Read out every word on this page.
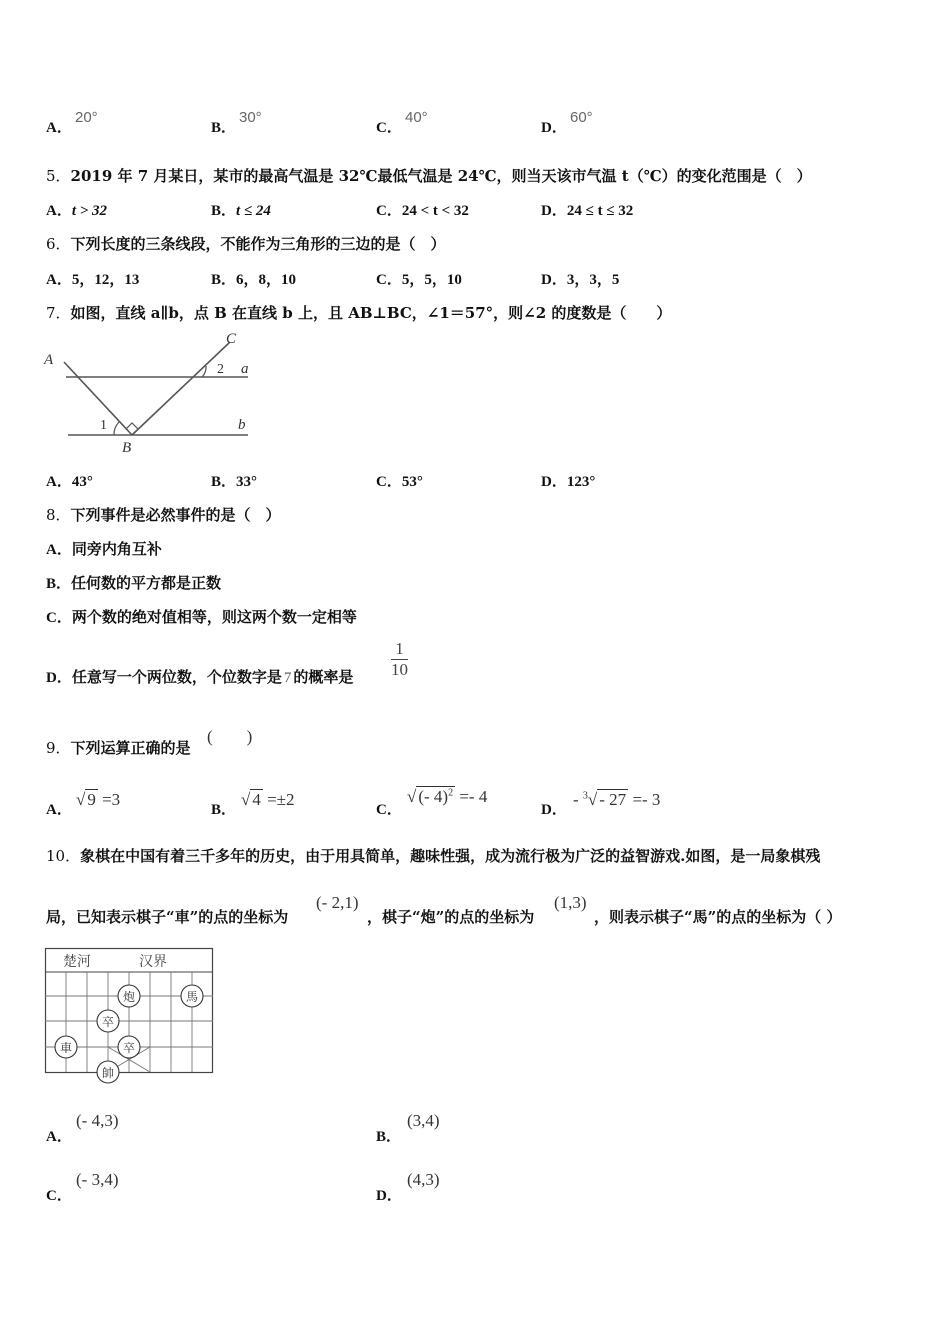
A．
20°
B．
30°
C．
40°
D．
60°
5．2019 年 7 月某日，某市的最高气温是 32℃最低气温是 24℃，则当天该市气温 t（℃）的变化范围是（　）
A．t > 32	B．t ≤ 24	C．24 < t < 32	D．24 ≤ t ≤ 32
6．下列长度的三条线段，不能作为三角形的三边的是（　）
A．5，12，13	B．6，8，10	C．5，5，10	D．3，3，5
7．如图，直线 a∥b，点 B 在直线 b 上，且 AB⊥BC，∠1＝57°，则∠2 的度数是（　　）
A
C
a
b
B
1
2
A．43°	B．33°	C．53°	D．123°
8．下列事件是必然事件的是（　）
A．同旁内角互补
B．任何数的平方都是正数
C．两个数的绝对值相等，则这两个数一定相等
D．任意写一个两位数，个位数字是 7 的概率是 $\frac{1}{10}$
9．下列运算正确的是
(　　)
A．
√ 9 =3
B．
√ 4 =±2
C．
√ (- 4)$^2$ =- 4
D．
- $^3$√ - 27 =- 3
10．象棋在中国有着三千多年的历史，由于用具简单，趣味性强，成为流行极为广泛的益智游戏.如图，是一局象棋残
局，已知表示棋子“車”的点的坐标为
(- 2,1)
，棋子“炮”的点的坐标为
(1,3)
，则表示棋子“馬”的点的坐标为（ ）
楚河	汉界
炮	馬
卒
車	卒
帥
A．
(- 4,3)
B．
(3,4)
C．
(- 3,4)
D．
(4,3)
